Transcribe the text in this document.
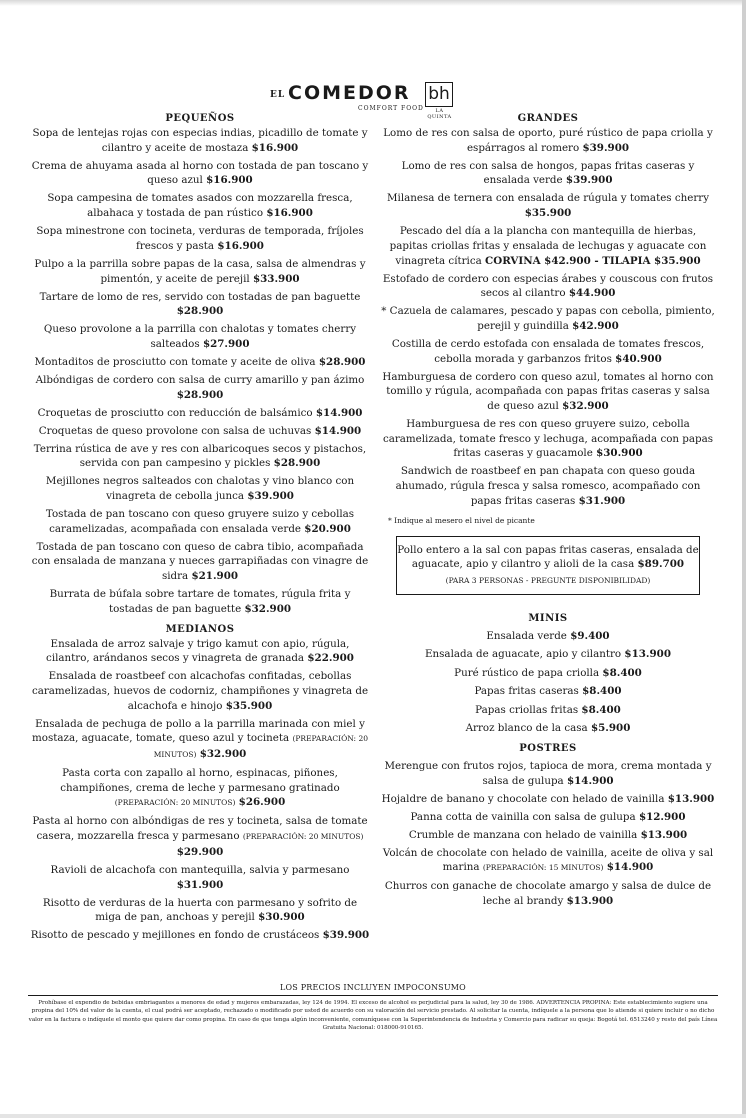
EL COMEDOR
COMFORT FOOD
bh
LA QUINTA
PEQUEÑOS
Sopa de lentejas rojas con especias indias, picadillo de tomate y cilantro y aceite de mostaza $16.900
Crema de ahuyama asada al horno con tostada de pan toscano y queso azul $16.900
Sopa campesina de tomates asados con mozzarella fresca, albahaca y tostada de pan rústico $16.900
Sopa minestrone con tocineta, verduras de temporada, fríjoles frescos y pasta $16.900
Pulpo a la parrilla sobre papas de la casa, salsa de almendras y pimentón, y aceite de perejil $33.900
Tartare de lomo de res, servido con tostadas de pan baguette $28.900
Queso provolone a la parrilla con chalotas y tomates cherry salteados $27.900
Montaditos de prosciutto con tomate y aceite de oliva $28.900
Albóndigas de cordero con salsa de curry amarillo y pan ázimo $28.900
Croquetas de prosciutto con reducción de balsámico $14.900
Croquetas de queso provolone con salsa de uchuvas $14.900
Terrina rústica de ave y res con albaricoques secos y pistachos, servida con pan campesino y pickles $28.900
Mejillones negros salteados con chalotas y vino blanco con vinagreta de cebolla junca $39.900
Tostada de pan toscano con queso gruyere suizo y cebollas caramelizadas, acompañada con ensalada verde $20.900
Tostada de pan toscano con queso de cabra tibio, acompañada con ensalada de manzana y nueces garrapiñadas con vinagre de sidra $21.900
Burrata de búfala sobre tartare de tomates, rúgula frita y tostadas de pan baguette $32.900
MEDIANOS
Ensalada de arroz salvaje y trigo kamut con apio, rúgula, cilantro, arándanos secos y vinagreta de granada $22.900
Ensalada de roastbeef con alcachofas confitadas, cebollas caramelizadas, huevos de codorniz, champiñones y vinagreta de alcachofa e hinojo $35.900
Ensalada de pechuga de pollo a la parrilla marinada con miel y mostaza, aguacate, tomate, queso azul y tocineta (PREPARACIÓN: 20 MINUTOS) $32.900
Pasta corta con zapallo al horno, espinacas, piñones, champiñones, crema de leche y parmesano gratinado (PREPARACIÓN: 20 MINUTOS) $26.900
Pasta al horno con albóndigas de res y tocineta, salsa de tomate casera, mozzarella fresca y parmesano (PREPARACIÓN: 20 MINUTOS) $29.900
Ravioli de alcachofa con mantequilla, salvia y parmesano $31.900
Risotto de verduras de la huerta con parmesano y sofrito de miga de pan, anchoas y perejil $30.900
Risotto de pescado y mejillones en fondo de crustáceos $39.900
GRANDES
Lomo de res con salsa de oporto, puré rústico de papa criolla y espárragos al romero $39.900
Lomo de res con salsa de hongos, papas fritas caseras y ensalada verde $39.900
Milanesa de ternera con ensalada de rúgula y tomates cherry $35.900
Pescado del día a la plancha con mantequilla de hierbas, papitas criollas fritas y ensalada de lechugas y aguacate con vinagreta cítrica CORVINA $42.900 - TILAPIA $35.900
Estofado de cordero con especias árabes y couscous con frutos secos al cilantro $44.900
* Cazuela de calamares, pescado y papas con cebolla, pimiento, perejil y guindilla $42.900
Costilla de cerdo estofada con ensalada de tomates frescos, cebolla morada y garbanzos fritos $40.900
Hamburguesa de cordero con queso azul, tomates al horno con tomillo y rúgula, acompañada con papas fritas caseras y salsa de queso azul $32.900
Hamburguesa de res con queso gruyere suizo, cebolla caramelizada, tomate fresco y lechuga, acompañada con papas fritas caseras y guacamole $30.900
Sandwich de roastbeef en pan chapata con queso gouda ahumado, rúgula fresca y salsa romesco, acompañado con papas fritas caseras $31.900
* Indique al mesero el nivel de picante
Pollo entero a la sal con papas fritas caseras, ensalada de aguacate, apio y cilantro y alioli de la casa $89.700
(PARA 3 PERSONAS - PREGUNTE DISPONIBILIDAD)
MINIS
Ensalada verde $9.400
Ensalada de aguacate, apio y cilantro $13.900
Puré rústico de papa criolla $8.400
Papas fritas caseras $8.400
Papas criollas fritas $8.400
Arroz blanco de la casa $5.900
POSTRES
Merengue con frutos rojos, tapioca de mora, crema montada y salsa de gulupa $14.900
Hojaldre de banano y chocolate con helado de vainilla $13.900
Panna cotta de vainilla con salsa de gulupa $12.900
Crumble de manzana con helado de vainilla $13.900
Volcán de chocolate con helado de vainilla, aceite de oliva y sal marina (PREPARACIÓN: 15 MINUTOS) $14.900
Churros con ganache de chocolate amargo y salsa de dulce de leche al brandy $13.900
LOS PRECIOS INCLUYEN IMPOCONSUMO
Prohíbase el expendio de bebidas embriagantes a menores de edad y mujeres embarazadas, ley 124 de 1994. El exceso de alcohol es perjudicial para la salud, ley 30 de 1986. ADVERTENCIA PROPINA: Este establecimiento sugiere una propina del 10% del valor de la cuenta, el cual podrá ser aceptado, rechazado o modificado por usted de acuerdo con su valoración del servicio prestado. Al solicitar la cuenta, indíquele a la persona que lo atiende si quiere incluir o no dicho valor en la factura o indíquele el monto que quiere dar como propina. En caso de que tenga algún inconveniente, comuníquese con la Superintendencia de Industria y Comercio para radicar su queja: Bogotá tel. 6513240 y resto del país Línea Gratuita Nacional: 018000-910165.
